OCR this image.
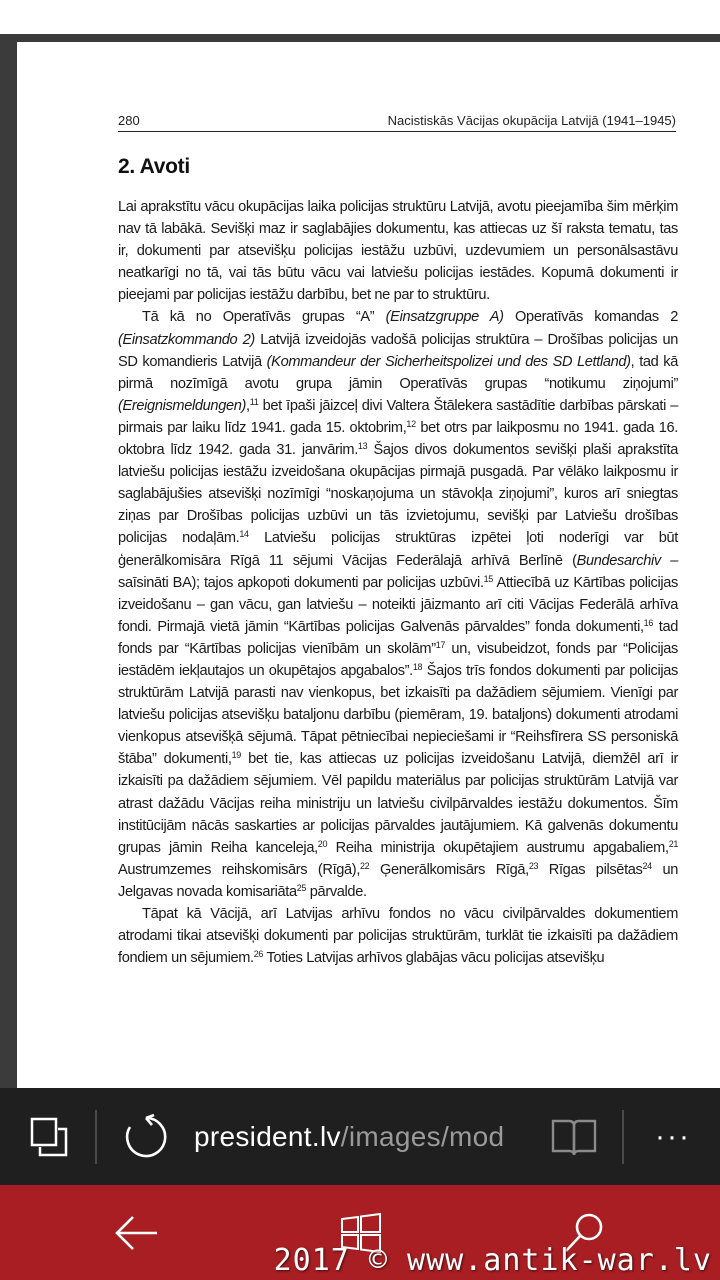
280	Nacistiskās Vācijas okupācija Latvijā (1941–1945)
2. Avoti

Lai aprakstītu vācu okupācijas laika policijas struktūru Latvijā, avotu pieejamība šim mērķim nav tā labākā. Sevišķi maz ir saglabājies dokumentu, kas attiecas uz šī raksta tematu, tas ir, dokumenti par atsevišķu policijas iestāžu uzbūvi, uzdevumiem un personālsastāvu neatkarīgi no tā, vai tās būtu vācu vai latviešu policijas iestādes. Kopumā dokumenti ir pieejami par policijas iestāžu darbību, bet ne par to struktūru.

Tā kā no Operatīvās grupas “A” (Einsatzgruppe A) Operatīvās komandas 2 (Einsatzkommando 2) Latvijā izveidojās vadošā policijas struktūra – Drošības policijas un SD komandieris Latvijā (Kommandeur der Sicherheitspolizei und des SD Lettland), tad kā pirmā nozīmīgā avotu grupa jāmin Operatīvās grupas “notikumu ziņojumi” (Ereignismeldungen),$^{11}$ bet īpaši jāizceļ divi Valtera Štālekera sastādītie darbības pārskati – pirmais par laiku līdz 1941. gada 15. oktobrim,$^{12}$ bet otrs par laikposmu no 1941. gada 16. oktobra līdz 1942. gada 31. janvārim.$^{13}$ Šajos divos dokumentos sevišķi plaši aprakstīta latviešu policijas iestāžu izveidošana okupācijas pirmajā pusgadā. Par vēlāko laikposmu ir saglabājušies atsevišķi nozīmīgi “noskaņojuma un stāvokļa ziņojumi”, kuros arī sniegtas ziņas par Drošības policijas uzbūvi un tās izvietojumu, sevišķi par Latviešu drošības policijas nodaļām.$^{14}$ Latviešu policijas struktūras izpētei ļoti noderīgi var būt ģenerālkomisāra Rīgā 11 sējumi Vācijas Federālajā arhīvā Berlīnē (Bundesarchiv – saīsināti BA); tajos apkopoti dokumenti par policijas uzbūvi.$^{15}$ Attiecībā uz Kārtības policijas izveidošanu – gan vācu, gan latviešu – noteikti jāizmanto arī citi Vācijas Federālā arhīva fondi. Pirmajā vietā jāmin “Kārtības policijas Galvenās pārvaldes” fonda dokumenti,$^{16}$ tad fonds par “Kārtības policijas vienībām un skolām”$^{17}$ un, visubeidzot, fonds par “Policijas iestādēm iekļautajos un okupētajos apgabalos”.$^{18}$ Šajos trīs fondos dokumenti par policijas struktūrām Latvijā parasti nav vienkopus, bet izkaisīti pa dažādiem sējumiem. Vienīgi par latviešu policijas atsevišķu bataljonu darbību (piemēram, 19. bataljons) dokumenti atrodami vienkopus atsevišķā sējumā. Tāpat pētniecībai nepieciešami ir “Reihsfīrera SS personiskā štāba” dokumenti,$^{19}$ bet tie, kas attiecas uz policijas izveidošanu Latvijā, diemžēl arī ir izkaisīti pa dažādiem sējumiem. Vēl papildu materiālus par policijas struktūrām Latvijā var atrast dažādu Vācijas reiha ministriju un latviešu civilpārvaldes iestāžu dokumentos. Šīm institūcijām nācās saskarties ar policijas pārvaldes jautājumiem. Kā galvenās dokumentu grupas jāmin Reiha kanceleja,$^{20}$ Reiha ministrija okupētajiem austrumu apgabaliem,$^{21}$ Austrumzemes reihskomisārs (Rīgā),$^{22}$ Ģenerālkomisārs Rīgā,$^{23}$ Rīgas pilsētas$^{24}$ un Jelgavas novada komisariāta$^{25}$ pārvalde.

Tāpat kā Vācijā, arī Latvijas arhīvu fondos no vācu civilpārvaldes dokumentiem atrodami tikai atsevišķi dokumenti par policijas struktūrām, turklāt tie izkaisīti pa dažādiem fondiem un sējumiem.$^{26}$ Toties Latvijas arhīvos glabājas vācu policijas atsevišķu

president.lv /images/mod	···
2017 © www.antik-war.lv
